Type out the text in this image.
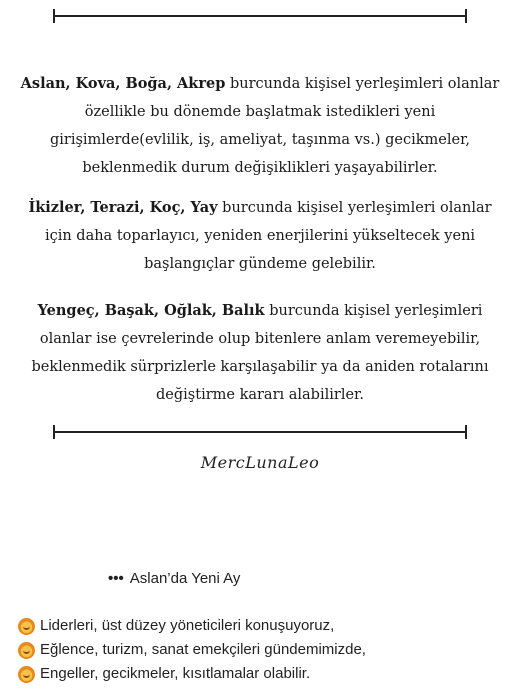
Aslan, Kova, Boğa, Akrep burcunda kişisel yerleşimleri olanlar özellikle bu dönemde başlatmak istedikleri yeni girişimlerde(evlilik, iş, ameliyat, taşınma vs.) gecikmeler, beklenmedik durum değişiklikleri yaşayabilirler.
İkizler, Terazi, Koç, Yay burcunda kişisel yerleşimleri olanlar için daha toparlayıcı, yeniden enerjilerini yükseltecek yeni başlangıçlar gündeme gelebilir.
Yengeç, Başak, Oğlak, Balık burcunda kişisel yerleşimleri olanlar ise çevrelerinde olup bitenlere anlam veremeyebilir, beklenmedik sürprizlerle karşılaşabilir ya da aniden rotalarını değiştirme kararı alabilirler.
MercLunaLeo
••• Aslan’da Yeni Ay
Liderleri, üst düzey yöneticileri konuşuyoruz,
Eğlence, turizm, sanat emekçileri gündemimizde,
Engeller, gecikmeler, kısıtlamalar olabilir.
